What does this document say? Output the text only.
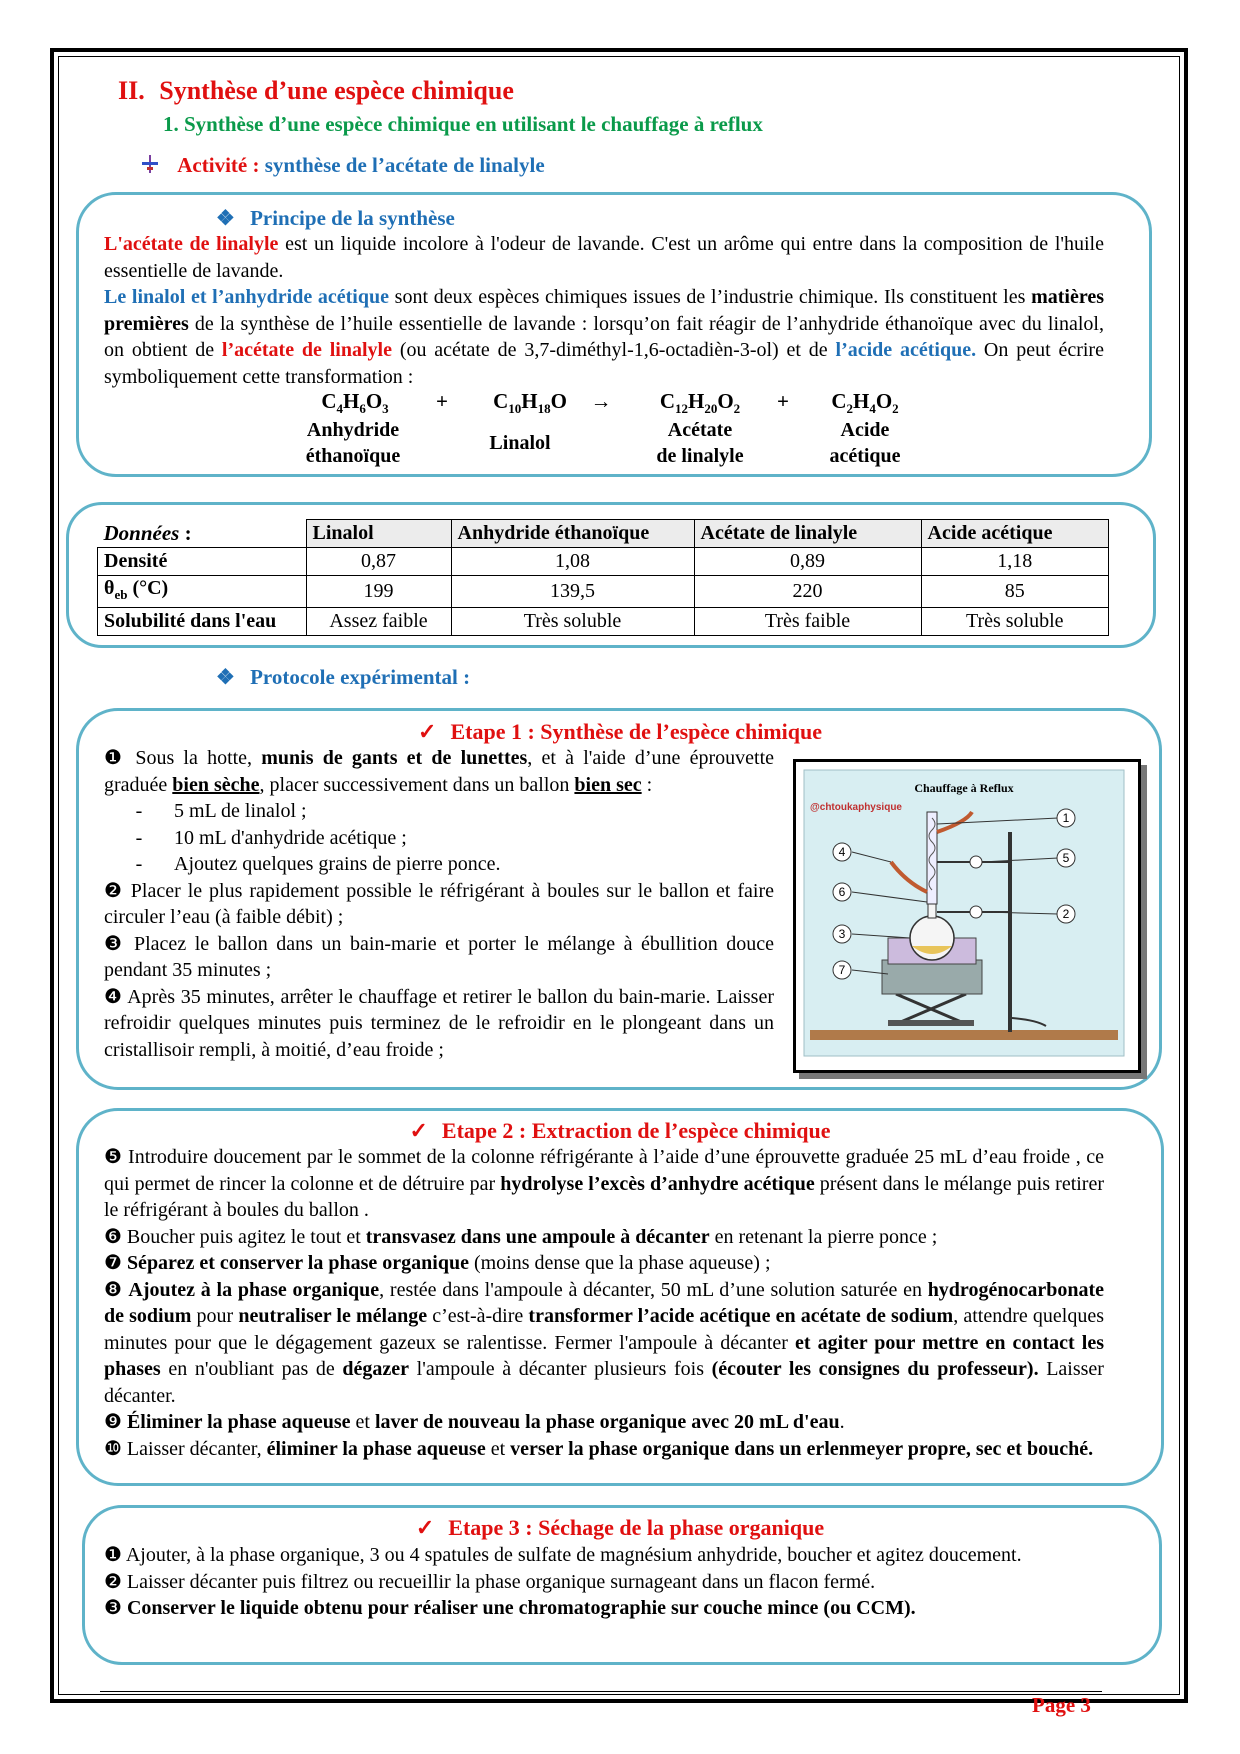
II. Synthèse d’une espèce chimique
1. Synthèse d’une espèce chimique en utilisant le chauffage à reflux
Activité : synthèse de l’acétate de linalyle
❖ Principe de la synthèse
L'acétate de linalyle est un liquide incolore à l'odeur de lavande. C'est un arôme qui entre dans la composition de l'huile essentielle de lavande.
Le linalol et l’anhydride acétique sont deux espèces chimiques issues de l’industrie chimique. Ils constituent les matières premières de la synthèse de l’huile essentielle de lavande : lorsqu’on fait réagir de l’anhydride éthanoïque avec du linalol, on obtient de l’acétate de linalyle (ou acétate de 3,7-diméthyl-1,6-octadièn-3-ol) et de l’acide acétique. On peut écrire symboliquement cette transformation :
$C_4H_6O_3$	+	$C_{10}H_{18}O$	→	$C_{12}H_{20}O_2$	+	$C_2H_4O_2$
Anhydride
éthanoïque
Linalol
Acétate
de linalyle
Acide
acétique
Données :	Linalol	Anhydride éthanoïque	Acétate de linalyle	Acide acétique
Densité	0,87	1,08	0,89	1,18
$\theta_{eb}$ (°C)	199	139,5	220	85
Solubilité dans l'eau	Assez faible	Très soluble	Très faible	Très soluble
❖ Protocole expérimental :
✓ Etape 1 : Synthèse de l’espèce chimique
❶ Sous la hotte, munis de gants et de lunettes, et à l'aide d’une éprouvette graduée bien sèche, placer successivement dans un ballon bien sec :
-	5 mL de linalol ;
-	10 mL d'anhydride acétique ;
-	Ajoutez quelques grains de pierre ponce.
❷ Placer le plus rapidement possible le réfrigérant à boules sur le ballon et faire circuler l’eau (à faible débit) ;
❸ Placez le ballon dans un bain-marie et porter le mélange à ébullition douce pendant 35 minutes ;
❹ Après 35 minutes, arrêter le chauffage et retirer le ballon du bain-marie. Laisser refroidir quelques minutes puis terminez de le refroidir en le plongeant dans un cristallisoir rempli, à moitié, d’eau froide ;
Chauffage à Reflux
@chtoukaphysique
1
2
3
4	5
6
7
✓ Etape 2 : Extraction de l’espèce chimique
❺ Introduire doucement par le sommet de la colonne réfrigérante à l’aide d’une éprouvette graduée 25 mL d’eau froide , ce qui permet de rincer la colonne et de détruire par hydrolyse l’excès d’anhydre acétique présent dans le mélange puis retirer le réfrigérant à boules du ballon .
❻ Boucher puis agitez le tout et transvasez dans une ampoule à décanter en retenant la pierre ponce ;
❼ Séparez et conserver la phase organique (moins dense que la phase aqueuse) ;
❽ Ajoutez à la phase organique, restée dans l'ampoule à décanter, 50 mL d’une solution saturée en hydrogénocarbonate de sodium pour neutraliser le mélange c’est-à-dire transformer l’acide acétique en acétate de sodium, attendre quelques minutes pour que le dégagement gazeux se ralentisse. Fermer l'ampoule à décanter et agiter pour mettre en contact les phases en n'oubliant pas de dégazer l'ampoule à décanter plusieurs fois (écouter les consignes du professeur). Laisser décanter.
❾ Éliminer la phase aqueuse et laver de nouveau la phase organique avec 20 mL d'eau.
❿ Laisser décanter, éliminer la phase aqueuse et verser la phase organique dans un erlenmeyer propre, sec et bouché.
✓ Etape 3 : Séchage de la phase organique
❶ Ajouter, à la phase organique, 3 ou 4 spatules de sulfate de magnésium anhydride, boucher et agitez doucement.
❷ Laisser décanter puis filtrez ou recueillir la phase organique surnageant dans un flacon fermé.
❸ Conserver le liquide obtenu pour réaliser une chromatographie sur couche mince (ou CCM).
Page 3
